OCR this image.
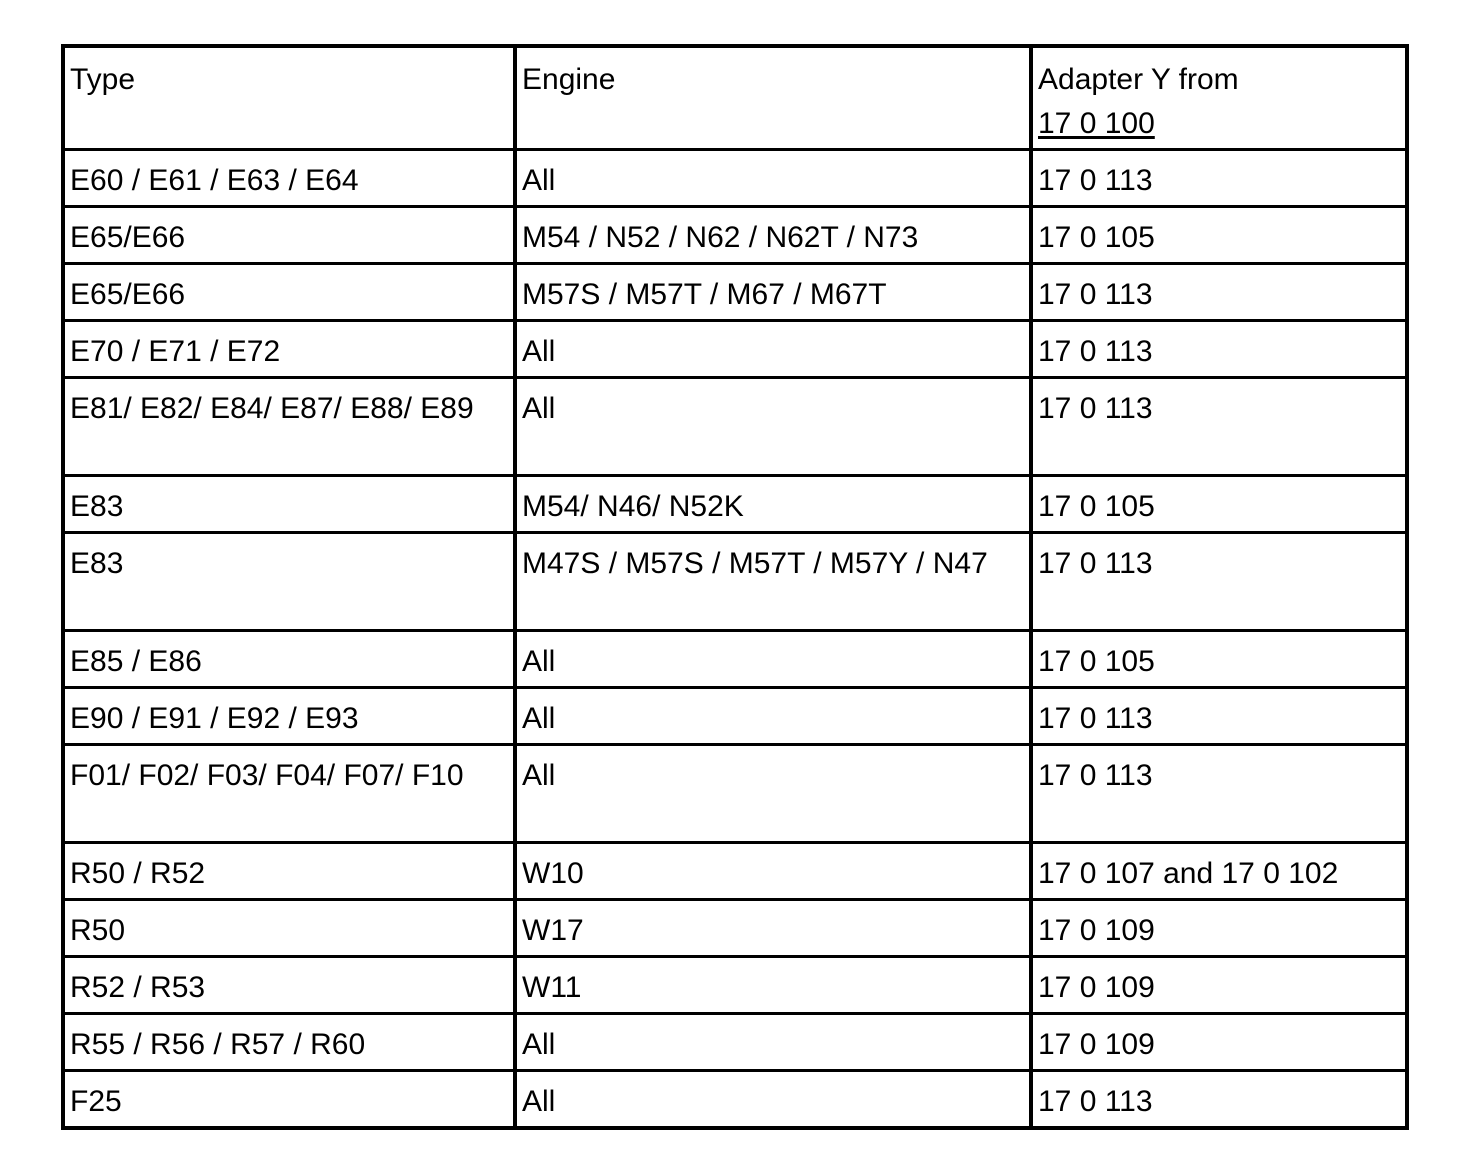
Type	Engine	Adapter Y from
17 0 100

E60 / E61 / E63 / E64	All	17 0 113
E65/E66	M54 / N52 / N62 / N62T / N73	17 0 105
E65/E66	M57S / M57T / M67 / M67T	17 0 113
E70 / E71 / E72	All	17 0 113
E81/ E82/ E84/ E87/ E88/ E89	All	17 0 113
E83	M54/ N46/ N52K	17 0 105
E83	M47S / M57S / M57T / M57Y / N47	17 0 113
E85 / E86	All	17 0 105
E90 / E91 / E92 / E93	All	17 0 113
F01/ F02/ F03/ F04/ F07/ F10	All	17 0 113
R50 / R52	W10	17 0 107 and 17 0 102
R50	W17	17 0 109
R52 / R53	W11	17 0 109
R55 / R56 / R57 / R60	All	17 0 109
F25	All	17 0 113
